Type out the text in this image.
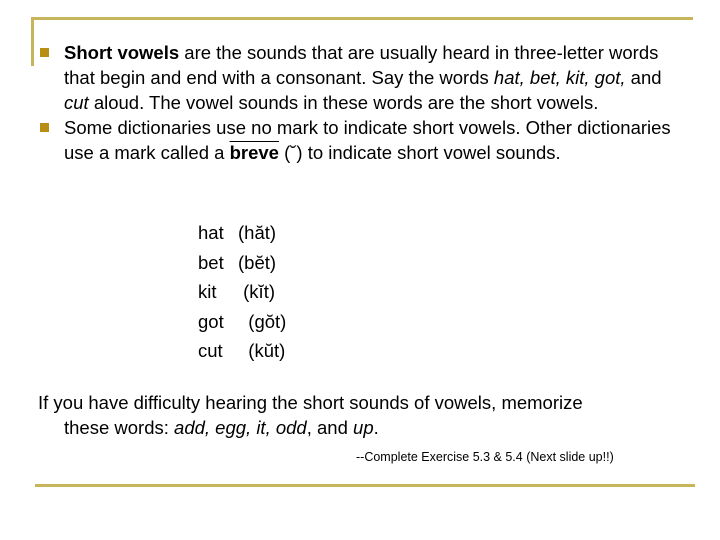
Short vowels are the sounds that are usually heard in three-letter words that begin and end with a consonant. Say the words hat, bet, kit, got, and cut aloud. The vowel sounds in these words are the short vowels.
Some dictionaries use no mark to indicate short vowels. Other dictionaries use a mark called a breve (˘) to indicate short vowel sounds.
hat (hăt)
bet (bĕt)
kit (kĭt)
got  (gŏt)
cut  (kŭt)
If you have difficulty hearing the short sounds of vowels, memorize
these words: add, egg, it, odd, and up.
--Complete Exercise 5.3 & 5.4 (Next slide up!!)
